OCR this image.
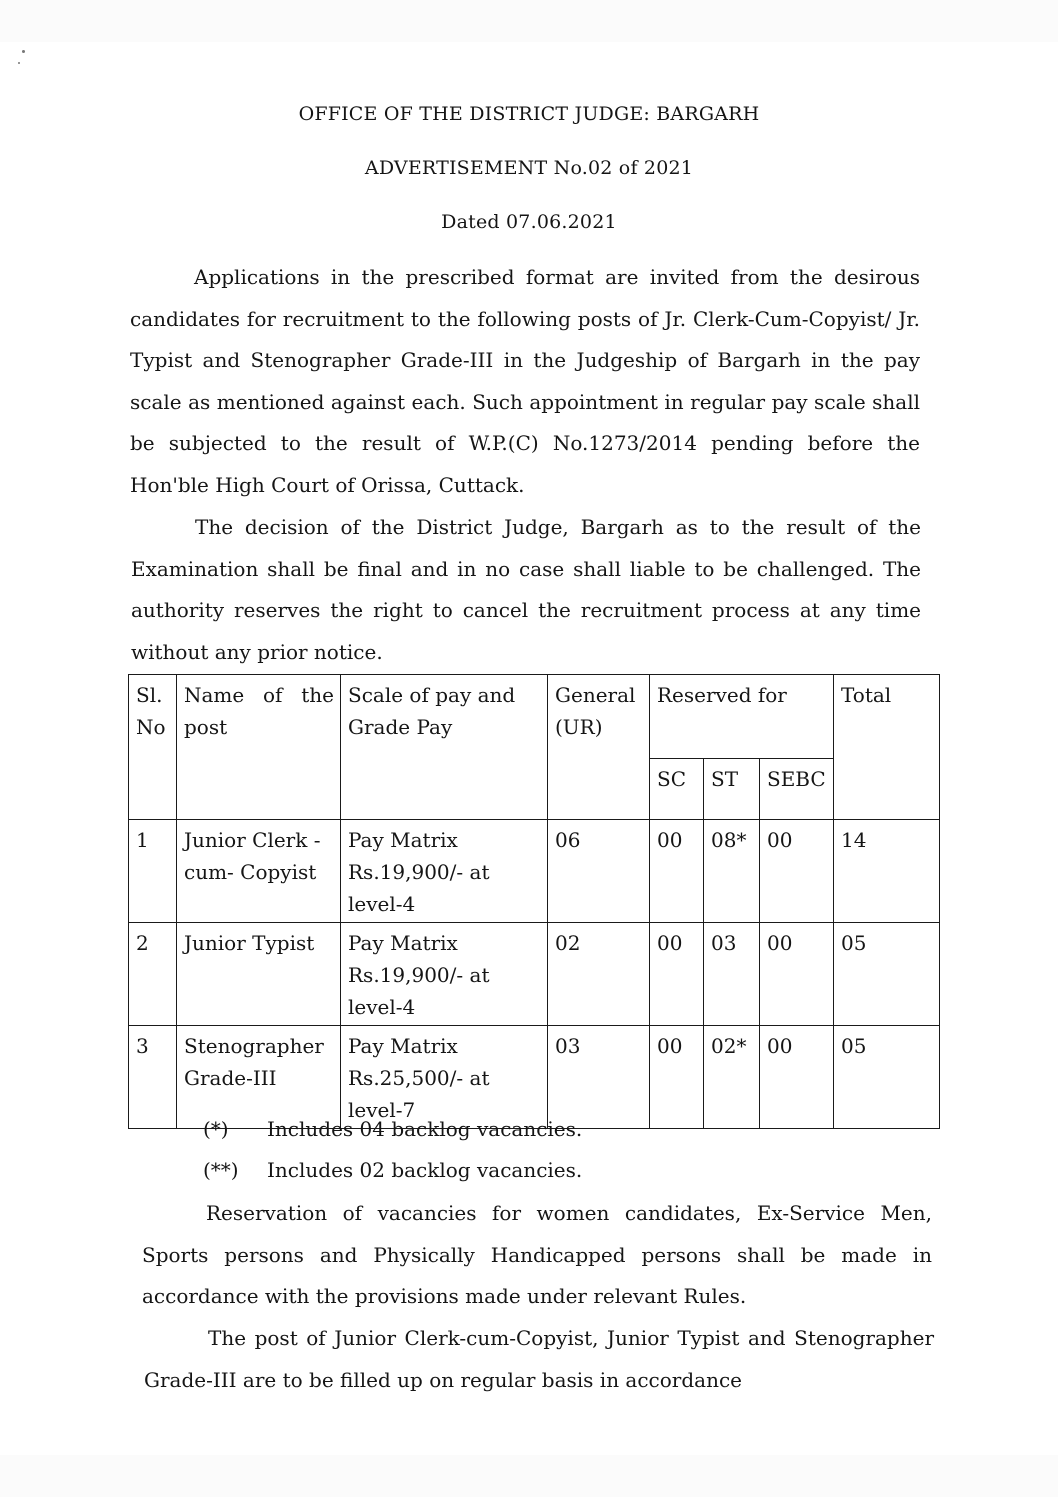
OFFICE OF THE DISTRICT JUDGE: BARGARH
ADVERTISEMENT No.02 of 2021
Dated 07.06.2021
Applications in the prescribed format are invited from the desirous candidates for recruitment to the following posts of Jr. Clerk-Cum-Copyist/ Jr. Typist and Stenographer Grade-III in the Judgeship of Bargarh in the pay scale as mentioned against each. Such appointment in regular pay scale shall be subjected to the result of W.P.(C) No.1273/2014 pending before the Hon'ble High Court of Orissa, Cuttack.
The decision of the District Judge, Bargarh as to the result of the Examination shall be final and in no case shall liable to be challenged. The authority reserves the right to cancel the recruitment process at any time without any prior notice.
Sl. No	Name of the post	Scale of pay and Grade Pay	General (UR)	Reserved for			Total
				SC	ST	SEBC	
1	Junior Clerk -cum- Copyist	Pay Matrix Rs.19,900/- at level-4	06	00	08*	00	14
2	Junior Typist	Pay Matrix Rs.19,900/- at level-4	02	00	03	00	05
3	Stenographer Grade-III	Pay Matrix Rs.25,500/- at level-7	03	00	02*	00	05
(*) Includes 04 backlog vacancies.
(**) Includes 02 backlog vacancies.
Reservation of vacancies for women candidates, Ex-Service Men, Sports persons and Physically Handicapped persons shall be made in accordance with the provisions made under relevant Rules.
The post of Junior Clerk-cum-Copyist, Junior Typist and Stenographer Grade-III are to be filled up on regular basis in accordance
